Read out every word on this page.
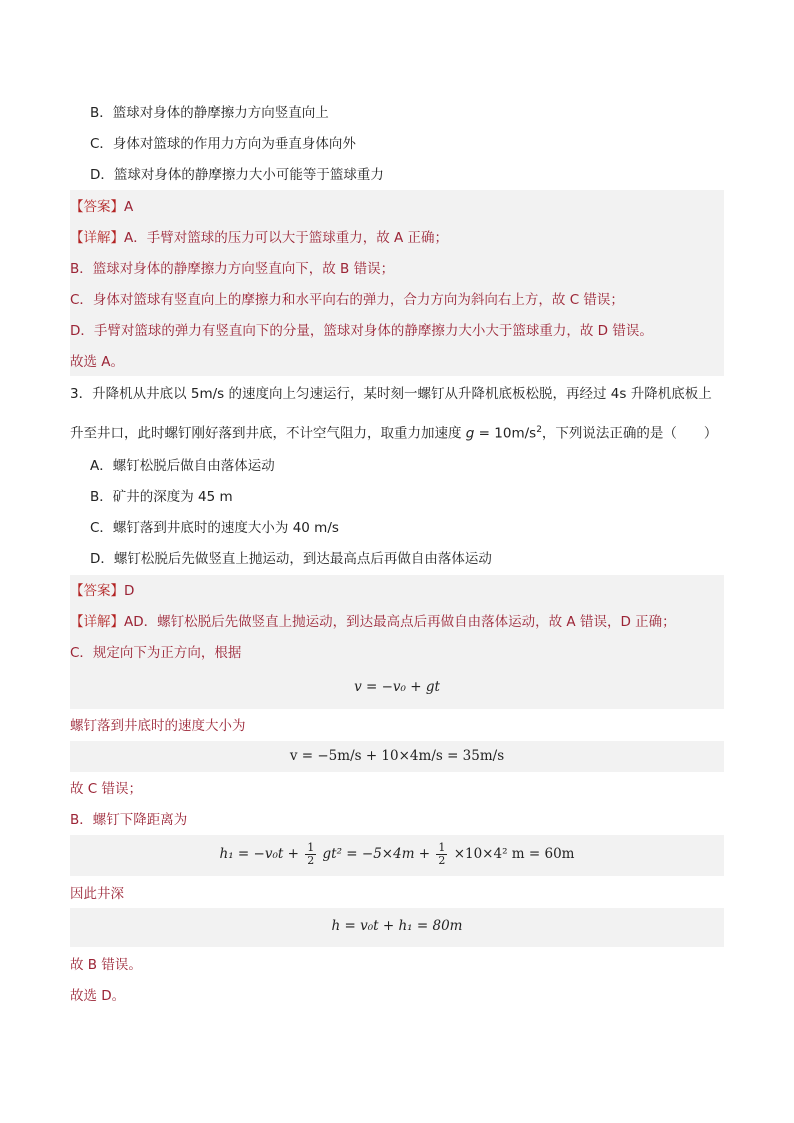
B．篮球对身体的静摩擦力方向竖直向上
C．身体对篮球的作用力方向为垂直身体向外
D．篮球对身体的静摩擦力大小可能等于篮球重力
【答案】A
【详解】A．手臂对篮球的压力可以大于篮球重力，故 A 正确；
B．篮球对身体的静摩擦力方向竖直向下，故 B 错误；
C．身体对篮球有竖直向上的摩擦力和水平向右的弹力，合力方向为斜向右上方，故 C 错误；
D．手臂对篮球的弹力有竖直向下的分量，篮球对身体的静摩擦力大小大于篮球重力，故 D 错误。
故选 A。
3．升降机从井底以 5m/s 的速度向上匀速运行，某时刻一螺钉从升降机底板松脱，再经过 4s 升降机底板上
升至井口，此时螺钉刚好落到井底，不计空气阻力，取重力加速度 $g = 10m/s^2$，下列说法正确的是（　　）
A．螺钉松脱后做自由落体运动
B．矿井的深度为 45 m
C．螺钉落到井底时的速度大小为 40 m/s
D．螺钉松脱后先做竖直上抛运动，到达最高点后再做自由落体运动
【答案】D
【详解】AD．螺钉松脱后先做竖直上抛运动，到达最高点后再做自由落体运动，故 A 错误，D 正确；
C．规定向下为正方向，根据
v = −v₀ + gt
螺钉落到井底时的速度大小为
v = −5m/s + 10×4m/s = 35m/s
故 C 错误；
B．螺钉下降距离为
$h_1 = -v_0t + \frac{1}{2} gt^2 = -5\times 4m + \frac{1}{2} \times 10\times 4^2$ m = 60m
因此井深
h = v₀t + h₁ = 80m
故 B 错误。
故选 D。
